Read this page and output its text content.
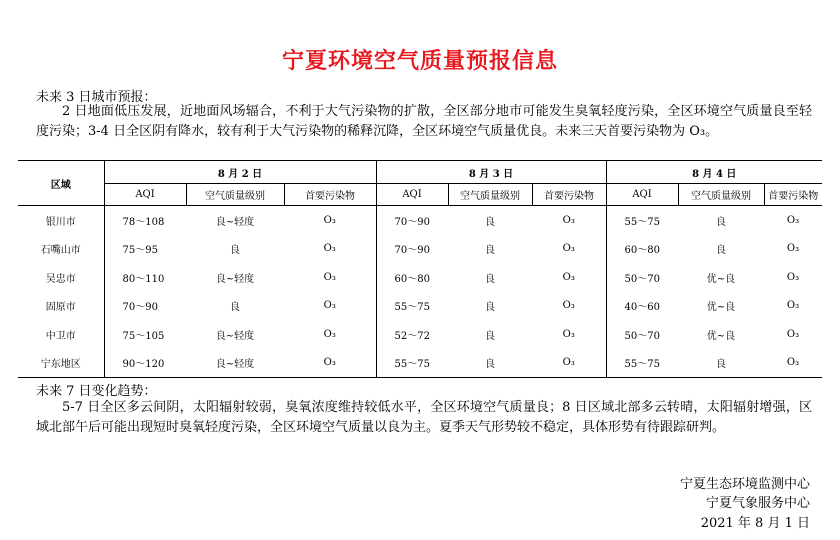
宁夏环境空气质量预报信息
未来 3 日城市预报：
2 日地面低压发展，近地面风场辐合，不利于大气污染物的扩散，全区部分地市可能发生臭氧轻度污染，全区环境空气质量良至轻度污染；3-4 日全区阴有降水，较有利于大气污染物的稀释沉降，全区环境空气质量优良。未来三天首要污染物为 O₃。
区域	8 月 2 日			8 月 3 日			8 月 4 日		
	AQI	空气质量级别	首要污染物	AQI	空气质量级别	首要污染物	AQI	空气质量级别	首要污染物
银川市	78～108	良~轻度	O₃	70～90	良	O₃	55～75	良	O₃
石嘴山市	75～95	良	O₃	70～90	良	O₃	60～80	良	O₃
吴忠市	80～110	良~轻度	O₃	60～80	良	O₃	50～70	优~良	O₃
固原市	70～90	良	O₃	55～75	良	O₃	40～60	优~良	O₃
中卫市	75～105	良~轻度	O₃	52～72	良	O₃	50～70	优~良	O₃
宁东地区	90～120	良~轻度	O₃	55～75	良	O₃	55～75	良	O₃
未来 7 日变化趋势：
5-7 日全区多云间阴，太阳辐射较弱，臭氧浓度维持较低水平，全区环境空气质量良；8 日区域北部多云转晴，太阳辐射增强，区域北部午后可能出现短时臭氧轻度污染，全区环境空气质量以良为主。夏季天气形势较不稳定，具体形势有待跟踪研判。
宁夏生态环境监测中心
宁夏气象服务中心
2021 年 8 月 1 日
